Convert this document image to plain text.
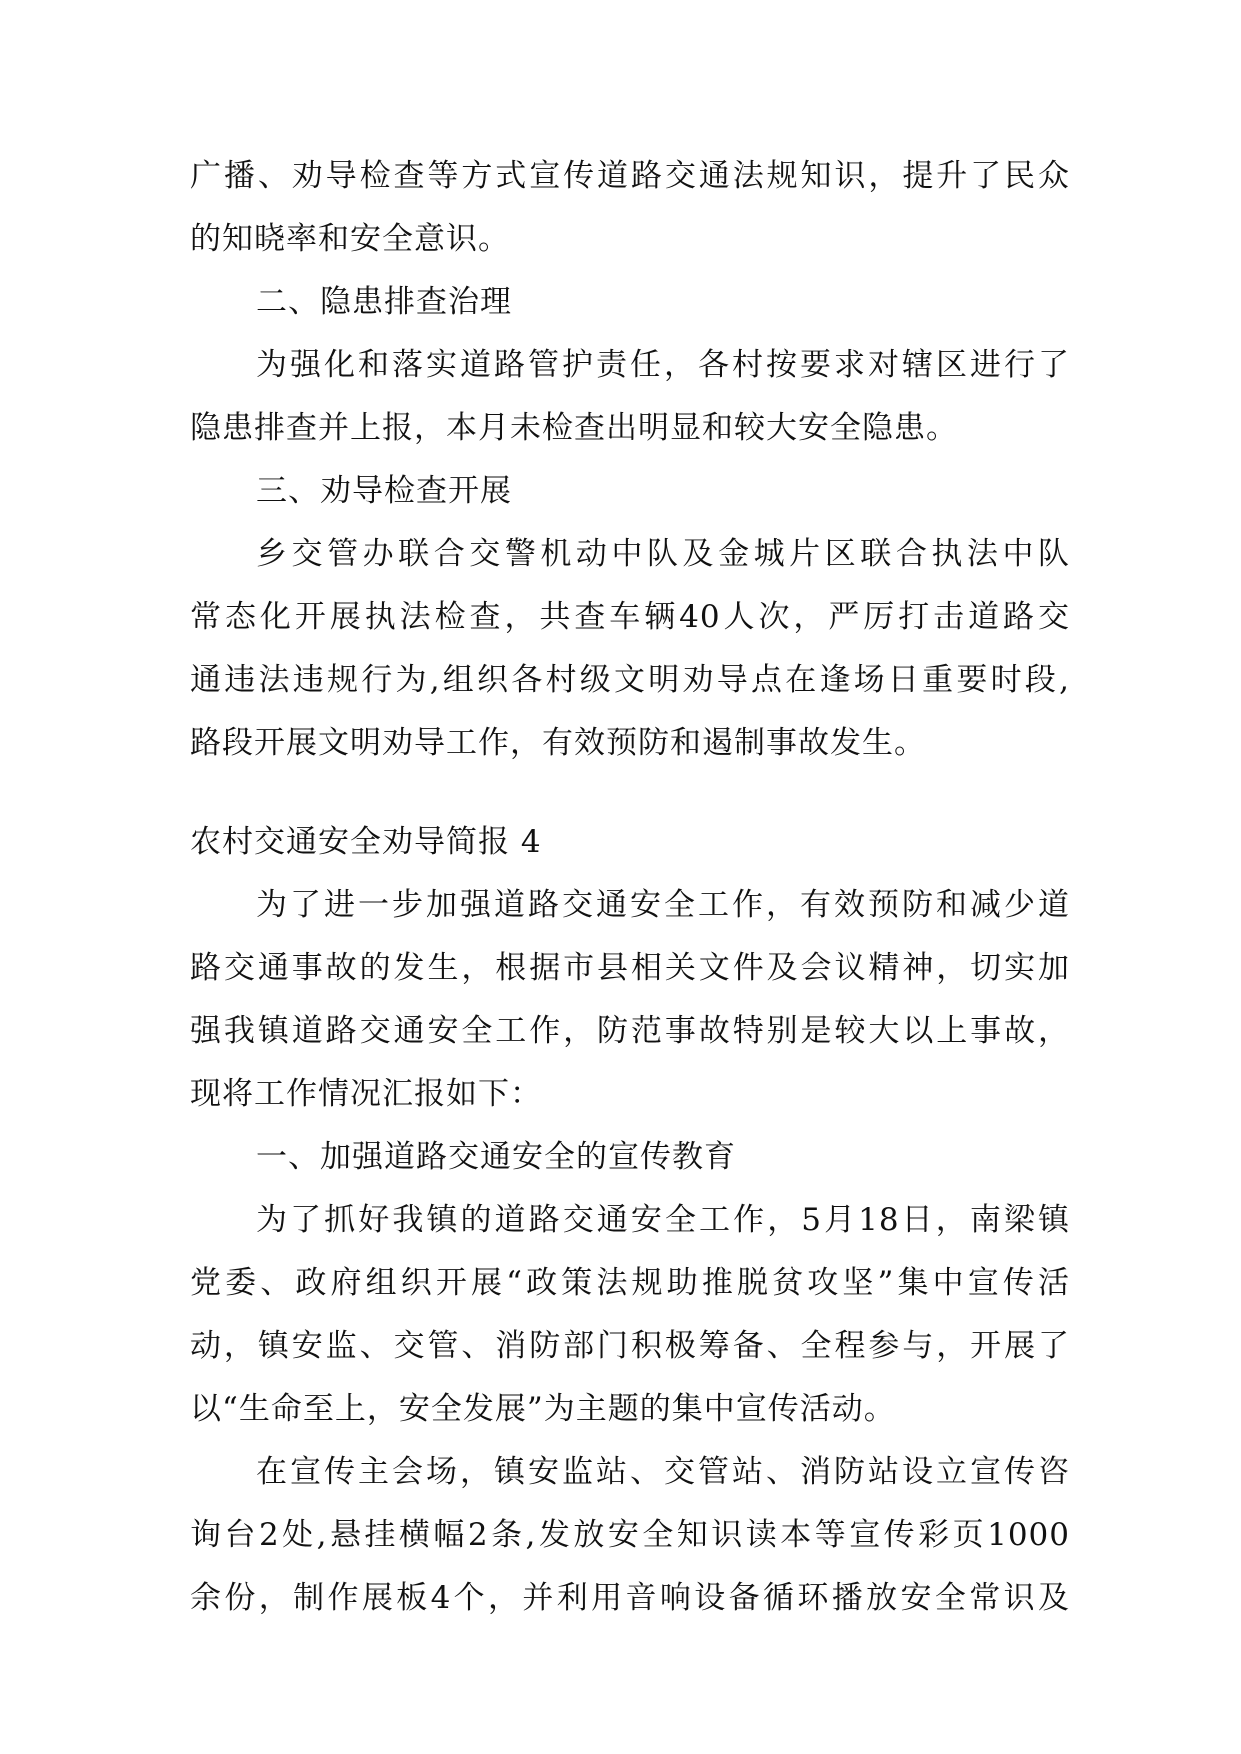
广播、劝导检查等方式宣传道路交通法规知识，提升了民众
的知晓率和安全意识。
二、隐患排查治理
为强化和落实道路管护责任，各村按要求对辖区进行了
隐患排查并上报，本月未检查出明显和较大安全隐患。
三、劝导检查开展
乡交管办联合交警机动中队及金城片区联合执法中队
常态化开展执法检查，共查车辆40人次，严厉打击道路交
通违法违规行为,组织各村级文明劝导点在逢场日重要时段,
路段开展文明劝导工作，有效预防和遏制事故发生。
农村交通安全劝导简报 4
为了进一步加强道路交通安全工作，有效预防和减少道
路交通事故的发生，根据市县相关文件及会议精神，切实加
强我镇道路交通安全工作，防范事故特别是较大以上事故，
现将工作情况汇报如下：
一、加强道路交通安全的宣传教育
为了抓好我镇的道路交通安全工作，5月18日，南梁镇
党委、政府组织开展“政策法规助推脱贫攻坚”集中宣传活
动，镇安监、交管、消防部门积极筹备、全程参与，开展了
以“生命至上，安全发展”为主题的集中宣传活动。
在宣传主会场，镇安监站、交管站、消防站设立宣传咨
询台2处,悬挂横幅2条,发放安全知识读本等宣传彩页1000
余份，制作展板4个，并利用音响设备循环播放安全常识及
